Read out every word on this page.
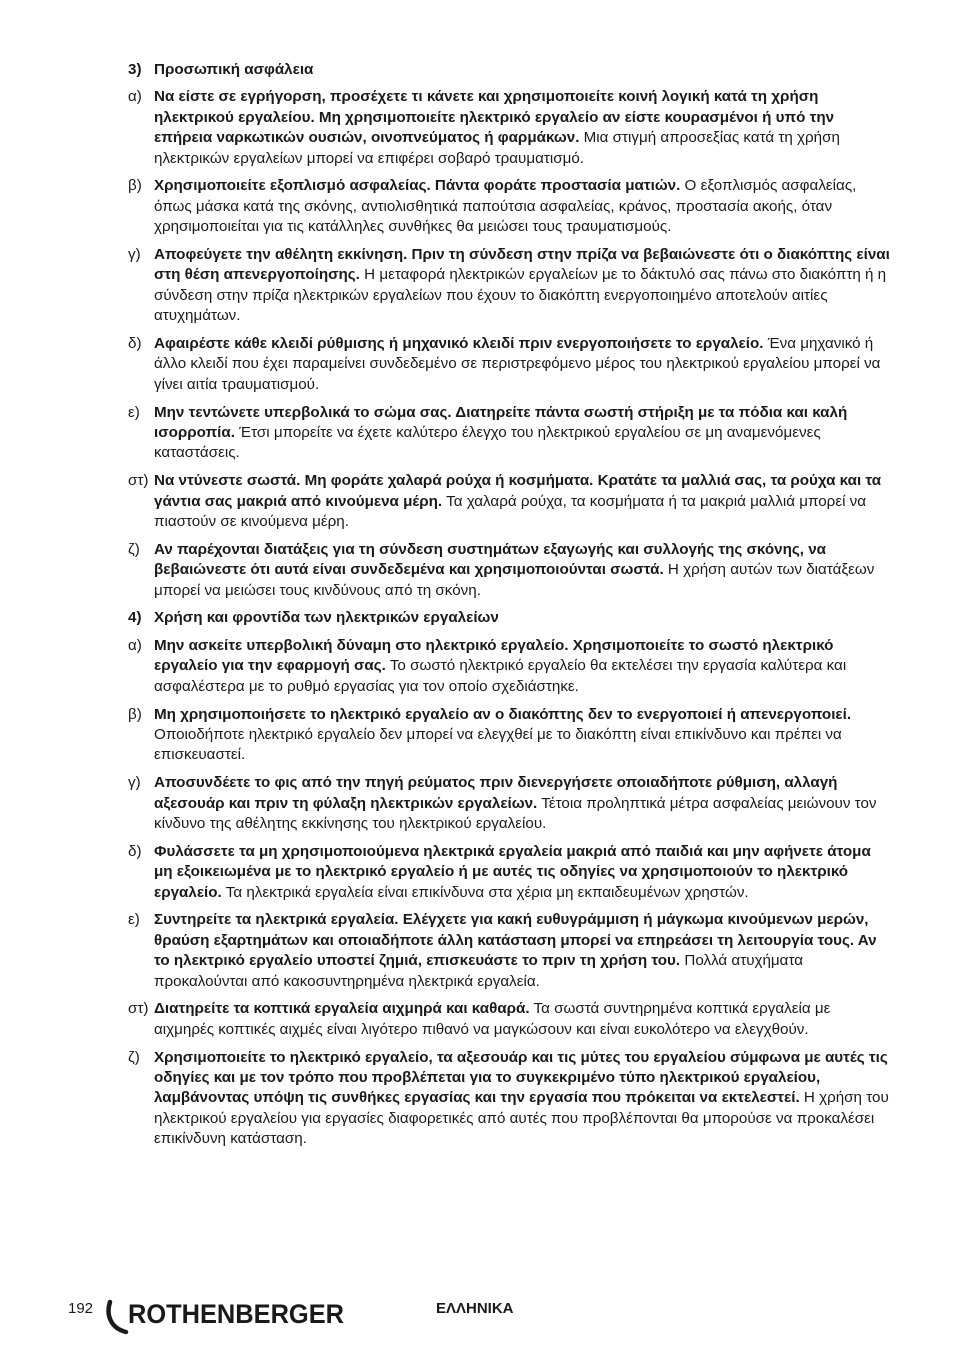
3) Προσωπική ασφάλεια
α) Να είστε σε εγρήγορση, προσέχετε τι κάνετε και χρησιμοποιείτε κοινή λογική κατά τη χρήση ηλεκτρικού εργαλείου. Μη χρησιμοποιείτε ηλεκτρικό εργαλείο αν είστε κουρασμένοι ή υπό την επήρεια ναρκωτικών ουσιών, οινοπνεύματος ή φαρμάκων. Μια στιγμή απροσεξίας κατά τη χρήση ηλεκτρικών εργαλείων μπορεί να επιφέρει σοβαρό τραυματισμό.
β) Χρησιμοποιείτε εξοπλισμό ασφαλείας. Πάντα φοράτε προστασία ματιών. Ο εξοπλισμός ασφαλείας, όπως μάσκα κατά της σκόνης, αντιολισθητικά παπούτσια ασφαλείας, κράνος, προστασία ακοής, όταν χρησιμοποιείται για τις κατάλληλες συνθήκες θα μειώσει τους τραυματισμούς.
γ) Αποφεύγετε την αθέλητη εκκίνηση. Πριν τη σύνδεση στην πρίζα να βεβαιώνεστε ότι ο διακόπτης είναι στη θέση απενεργοποίησης. Η μεταφορά ηλεκτρικών εργαλείων με το δάκτυλό σας πάνω στο διακόπτη ή η σύνδεση στην πρίζα ηλεκτρικών εργαλείων που έχουν το διακόπτη ενεργοποιημένο αποτελούν αιτίες ατυχημάτων.
δ) Αφαιρέστε κάθε κλειδί ρύθμισης ή μηχανικό κλειδί πριν ενεργοποιήσετε το εργαλείο. Ένα μηχανικό ή άλλο κλειδί που έχει παραμείνει συνδεδεμένο σε περιστρεφόμενο μέρος του ηλεκτρικού εργαλείου μπορεί να γίνει αιτία τραυματισμού.
ε) Μην τεντώνετε υπερβολικά το σώμα σας. Διατηρείτε πάντα σωστή στήριξη με τα πόδια και καλή ισορροπία. Έτσι μπορείτε να έχετε καλύτερο έλεγχο του ηλεκτρικού εργαλείου σε μη αναμενόμενες καταστάσεις.
στ) Να ντύνεστε σωστά. Μη φοράτε χαλαρά ρούχα ή κοσμήματα. Κρατάτε τα μαλλιά σας, τα ρούχα και τα γάντια σας μακριά από κινούμενα μέρη. Τα χαλαρά ρούχα, τα κοσμήματα ή τα μακριά μαλλιά μπορεί να πιαστούν σε κινούμενα μέρη.
ζ) Αν παρέχονται διατάξεις για τη σύνδεση συστημάτων εξαγωγής και συλλογής της σκόνης, να βεβαιώνεστε ότι αυτά είναι συνδεδεμένα και χρησιμοποιούνται σωστά. Η χρήση αυτών των διατάξεων μπορεί να μειώσει τους κινδύνους από τη σκόνη.
4) Χρήση και φροντίδα των ηλεκτρικών εργαλείων
α) Μην ασκείτε υπερβολική δύναμη στο ηλεκτρικό εργαλείο. Χρησιμοποιείτε το σωστό ηλεκτρικό εργαλείο για την εφαρμογή σας. Το σωστό ηλεκτρικό εργαλείο θα εκτελέσει την εργασία καλύτερα και ασφαλέστερα με το ρυθμό εργασίας για τον οποίο σχεδιάστηκε.
β) Μη χρησιμοποιήσετε το ηλεκτρικό εργαλείο αν ο διακόπτης δεν το ενεργοποιεί ή απενεργοποιεί. Οποιοδήποτε ηλεκτρικό εργαλείο δεν μπορεί να ελεγχθεί με το διακόπτη είναι επικίνδυνο και πρέπει να επισκευαστεί.
γ) Αποσυνδέετε το φις από την πηγή ρεύματος πριν διενεργήσετε οποιαδήποτε ρύθμιση, αλλαγή αξεσουάρ και πριν τη φύλαξη ηλεκτρικών εργαλείων. Τέτοια προληπτικά μέτρα ασφαλείας μειώνουν τον κίνδυνο της αθέλητης εκκίνησης του ηλεκτρικού εργαλείου.
δ) Φυλάσσετε τα μη χρησιμοποιούμενα ηλεκτρικά εργαλεία μακριά από παιδιά και μην αφήνετε άτομα μη εξοικειωμένα με το ηλεκτρικό εργαλείο ή με αυτές τις οδηγίες να χρησιμοποιούν το ηλεκτρικό εργαλείο. Τα ηλεκτρικά εργαλεία είναι επικίνδυνα στα χέρια μη εκπαιδευμένων χρηστών.
ε) Συντηρείτε τα ηλεκτρικά εργαλεία. Ελέγχετε για κακή ευθυγράμμιση ή μάγκωμα κινούμενων μερών, θραύση εξαρτημάτων και οποιαδήποτε άλλη κατάσταση μπορεί να επηρεάσει τη λειτουργία τους. Αν το ηλεκτρικό εργαλείο υποστεί ζημιά, επισκευάστε το πριν τη χρήση του. Πολλά ατυχήματα προκαλούνται από κακοσυντηρημένα ηλεκτρικά εργαλεία.
στ) Διατηρείτε τα κοπτικά εργαλεία αιχμηρά και καθαρά. Τα σωστά συντηρημένα κοπτικά εργαλεία με αιχμηρές κοπτικές αιχμές είναι λιγότερο πιθανό να μαγκώσουν και είναι ευκολότερο να ελεγχθούν.
ζ) Χρησιμοποιείτε το ηλεκτρικό εργαλείο, τα αξεσουάρ και τις μύτες του εργαλείου σύμφωνα με αυτές τις οδηγίες και με τον τρόπο που προβλέπεται για το συγκεκριμένο τύπο ηλεκτρικού εργαλείου, λαμβάνοντας υπόψη τις συνθήκες εργασίας και την εργασία που πρόκειται να εκτελεστεί. Η χρήση του ηλεκτρικού εργαλείου για εργασίες διαφορετικές από αυτές που προβλέπονται θα μπορούσε να προκαλέσει επικίνδυνη κατάσταση.
192 ROTHENBERGER	ΕΛΛΗΝΙΚΑ
